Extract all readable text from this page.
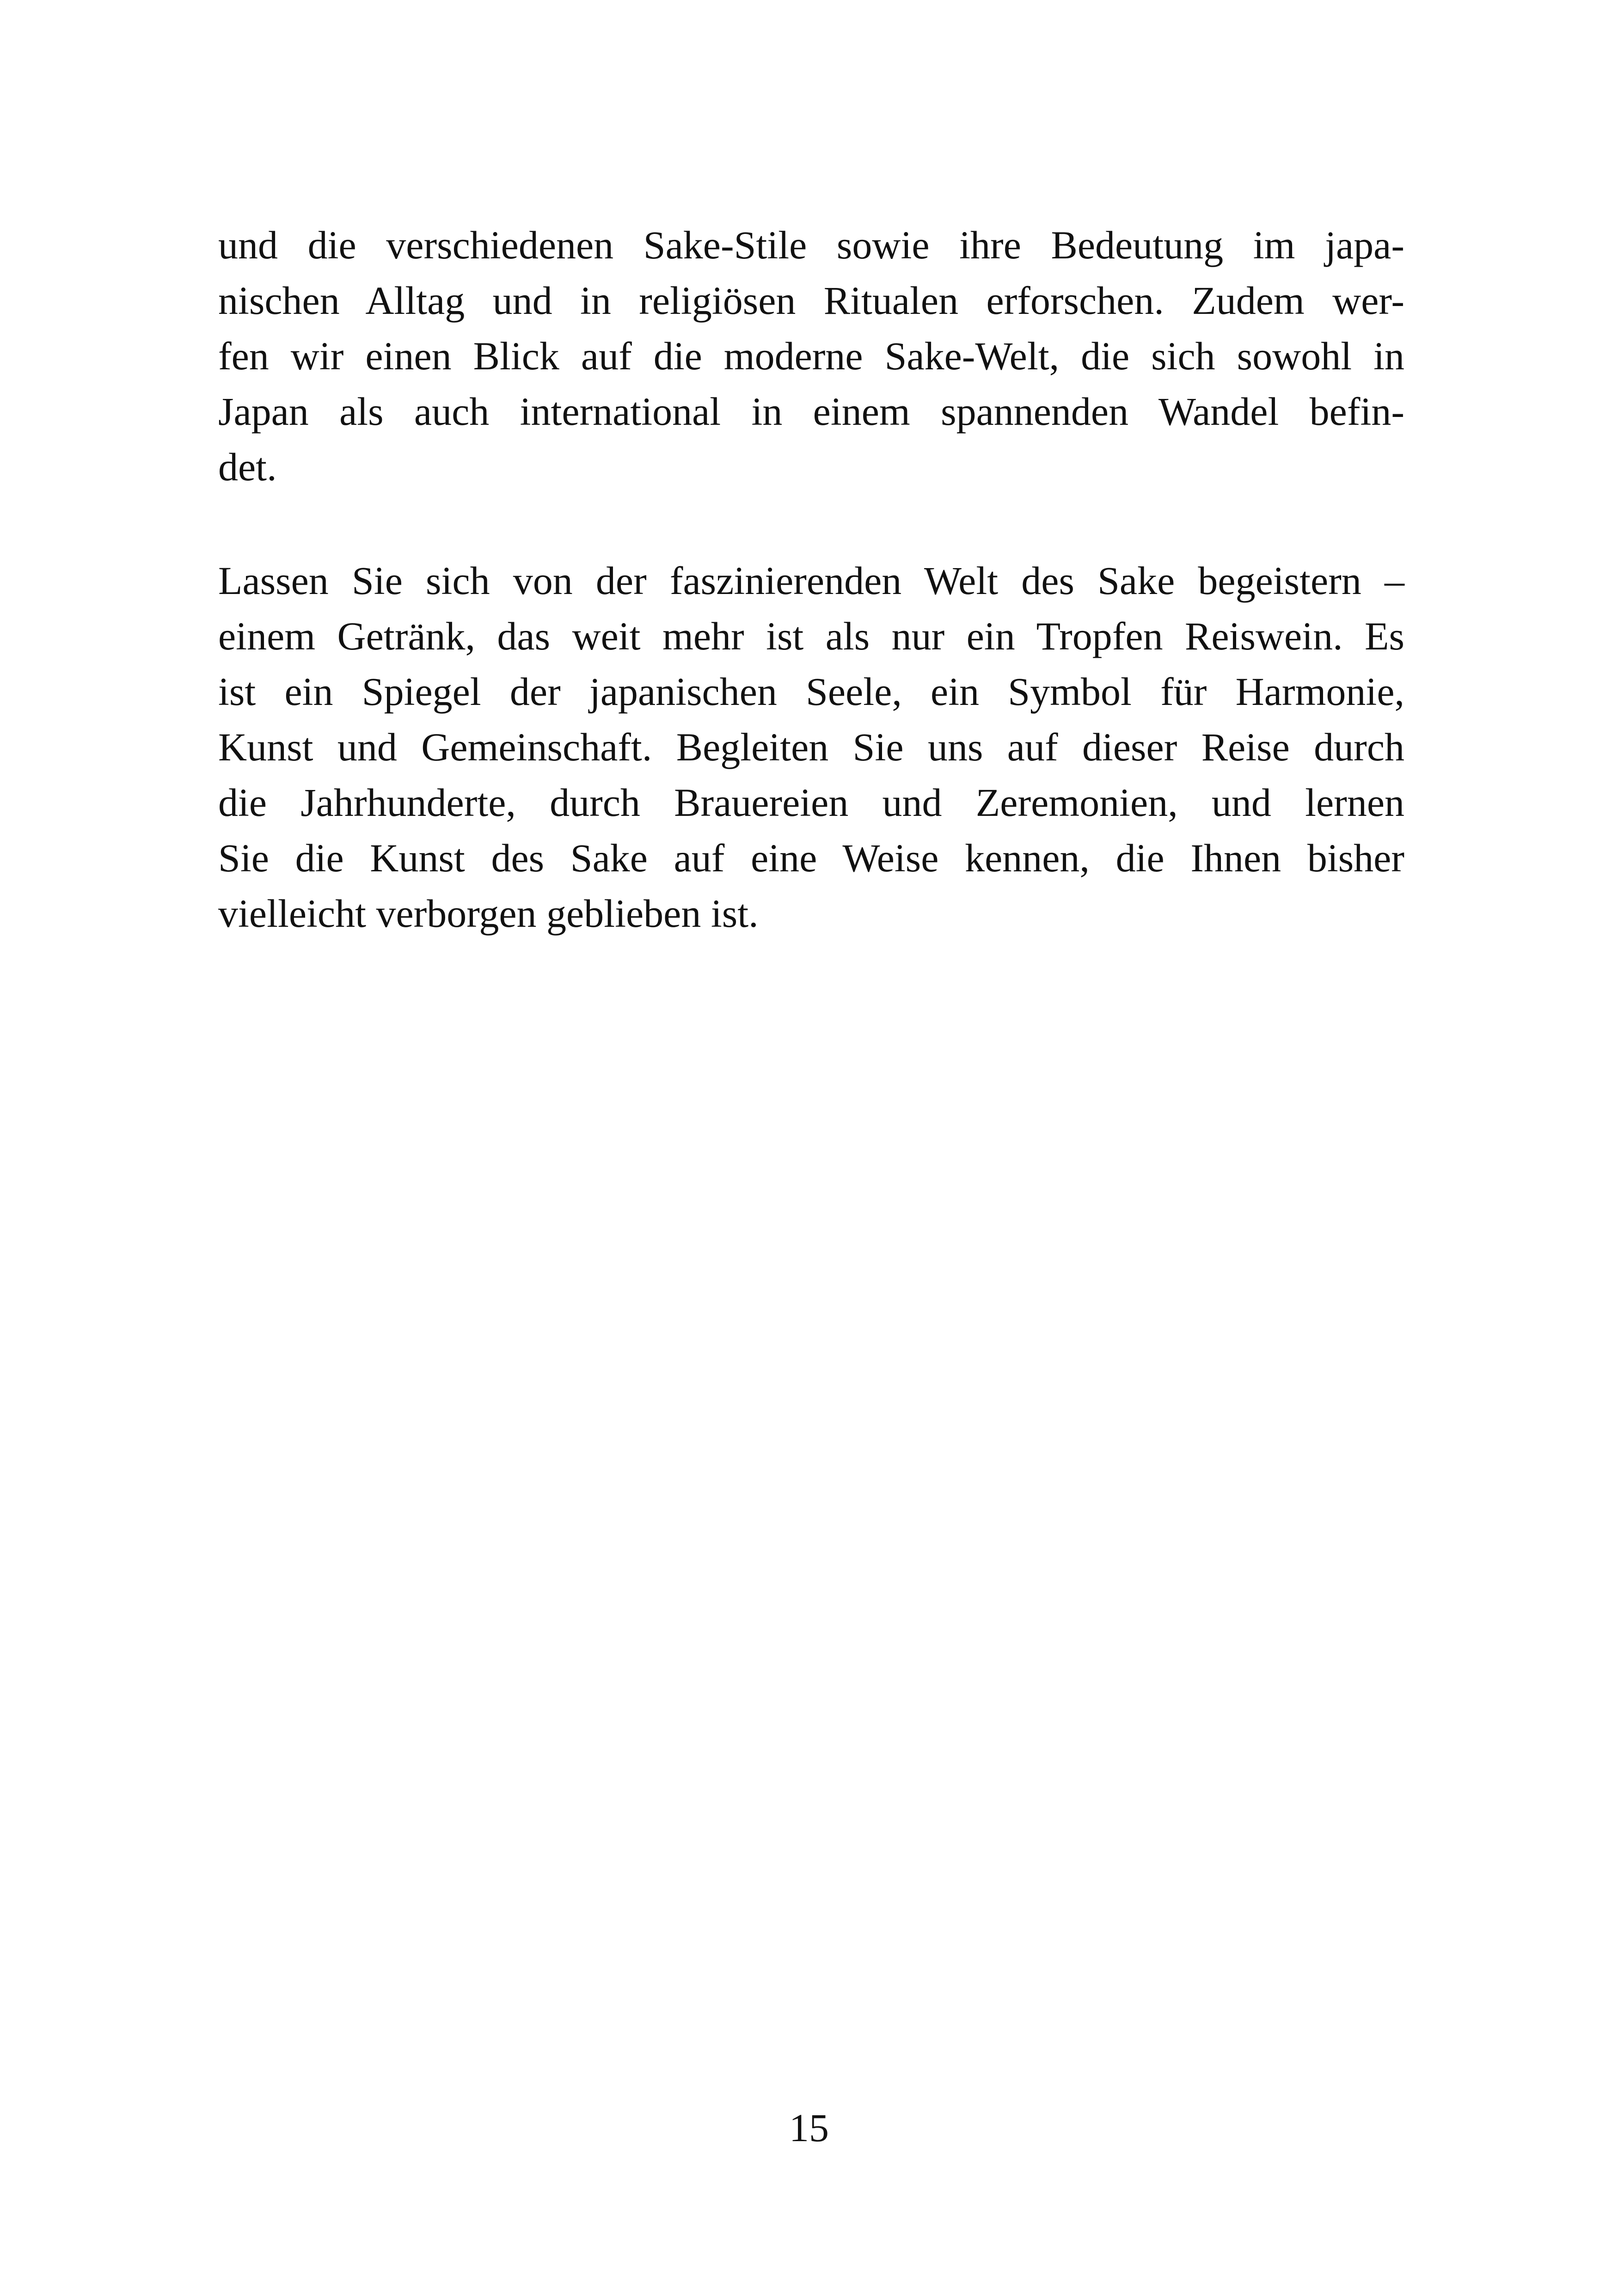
und die verschiedenen Sake-Stile sowie ihre Bedeutung im japa-
nischen Alltag und in religiösen Ritualen erforschen. Zudem wer-
fen wir einen Blick auf die moderne Sake-Welt, die sich sowohl in
Japan als auch international in einem spannenden Wandel befin-
det.

Lassen Sie sich von der faszinierenden Welt des Sake begeistern –
einem Getränk, das weit mehr ist als nur ein Tropfen Reiswein. Es
ist ein Spiegel der japanischen Seele, ein Symbol für Harmonie,
Kunst und Gemeinschaft. Begleiten Sie uns auf dieser Reise durch
die Jahrhunderte, durch Brauereien und Zeremonien, und lernen
Sie die Kunst des Sake auf eine Weise kennen, die Ihnen bisher
vielleicht verborgen geblieben ist.

15
